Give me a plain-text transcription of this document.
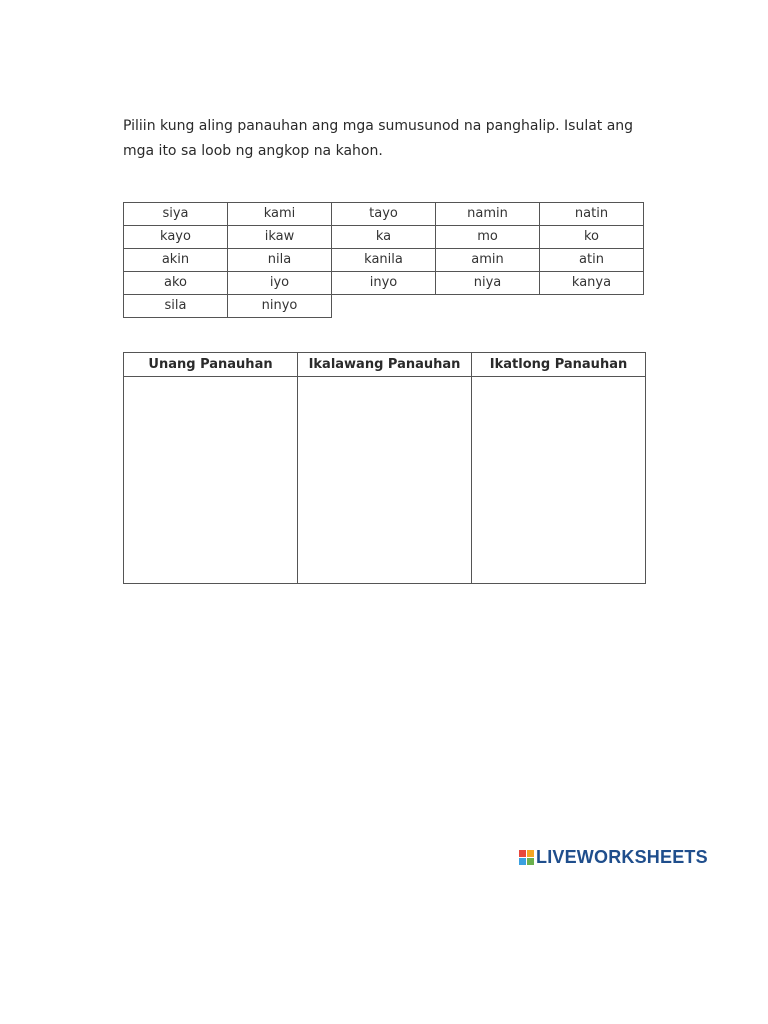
Piliin kung aling panauhan ang mga sumusunod na panghalip. Isulat ang mga ito sa loob ng angkop na kahon.

siya	kami	tayo	namin	natin
kayo	ikaw	ka	mo	ko
akin	nila	kanila	amin	atin
ako	iyo	inyo	niya	kanya
sila	ninyo			
Unang Panauhan	Ikalawang Panauhan	Ikatlong Panauhan

LIVEWORKSHEETS
